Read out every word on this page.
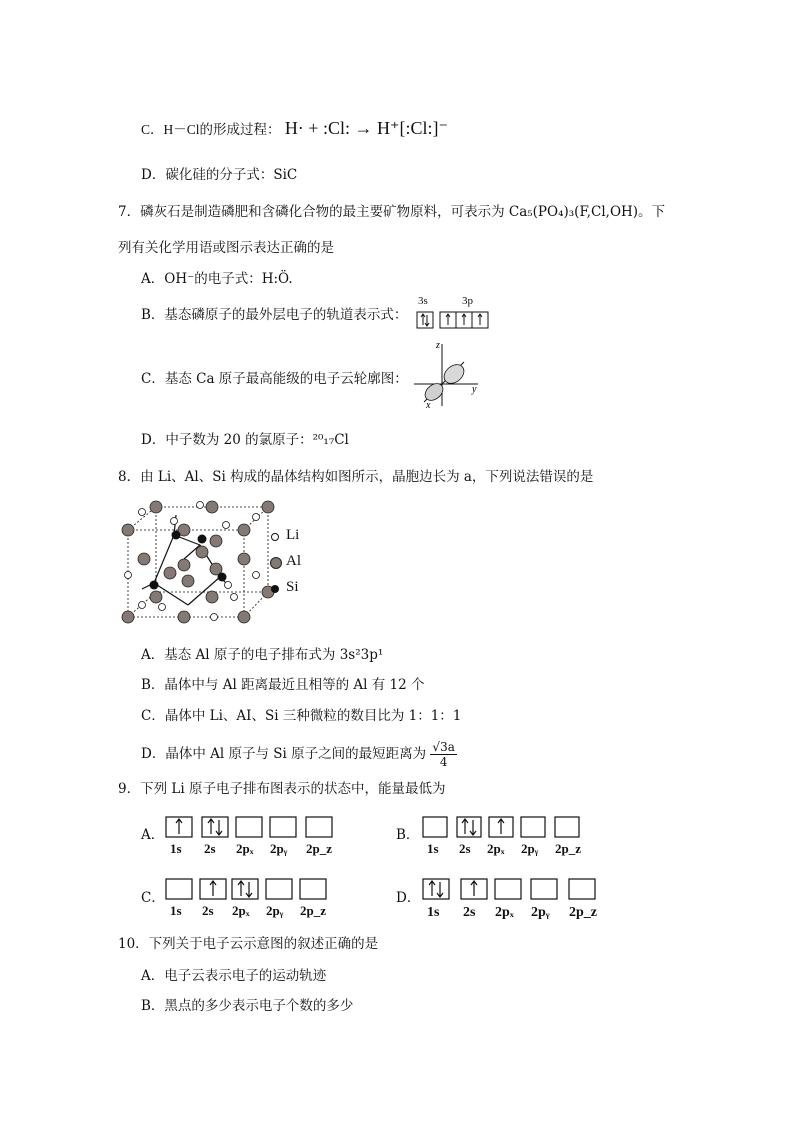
C．H－Cl的形成过程： H· + :Cl: → H⁺[:Cl:]⁻
D．碳化硅的分子式：SiC
7．磷灰石是制造磷肥和含磷化合物的最主要矿物原料，可表示为 Ca₅(PO₄)₃(F,Cl,OH)。下
列有关化学用语或图示表达正确的是
A．OH⁻的电子式：H:Ö.
B．基态磷原子的最外层电子的轨道表示式：
3s	3p
C．基态 Ca 原子最高能级的电子云轮廓图：
z
y
x
D．中子数为 20 的氯原子：²⁰₁₇Cl
8．由 Li、Al、Si 构成的晶体结构如图所示，晶胞边长为 a，下列说法错误的是
Li
Al
Si
A．基态 Al 原子的电子排布式为 3s²3p¹
B．晶体中与 Al 距离最近且相等的 Al 有 12 个
C．晶体中 Li、AI、Si 三种微粒的数目比为 1：1：1
D．晶体中 Al 原子与 Si 原子之间的最短距离为 $\frac{√3a}{4}$
9．下列 Li 原子电子排布图表示的状态中，能量最低为
A．
1s 2s 2pₓ 2pᵧ 2p_z
B．
1s 2s 2pₓ 2pᵧ 2p_z
C．
1s 2s 2pₓ 2pᵧ 2p_z
D．
1s 2s 2pₓ 2pᵧ 2p_z
10．下列关于电子云示意图的叙述正确的是
A．电子云表示电子的运动轨迹
B．黑点的多少表示电子个数的多少
